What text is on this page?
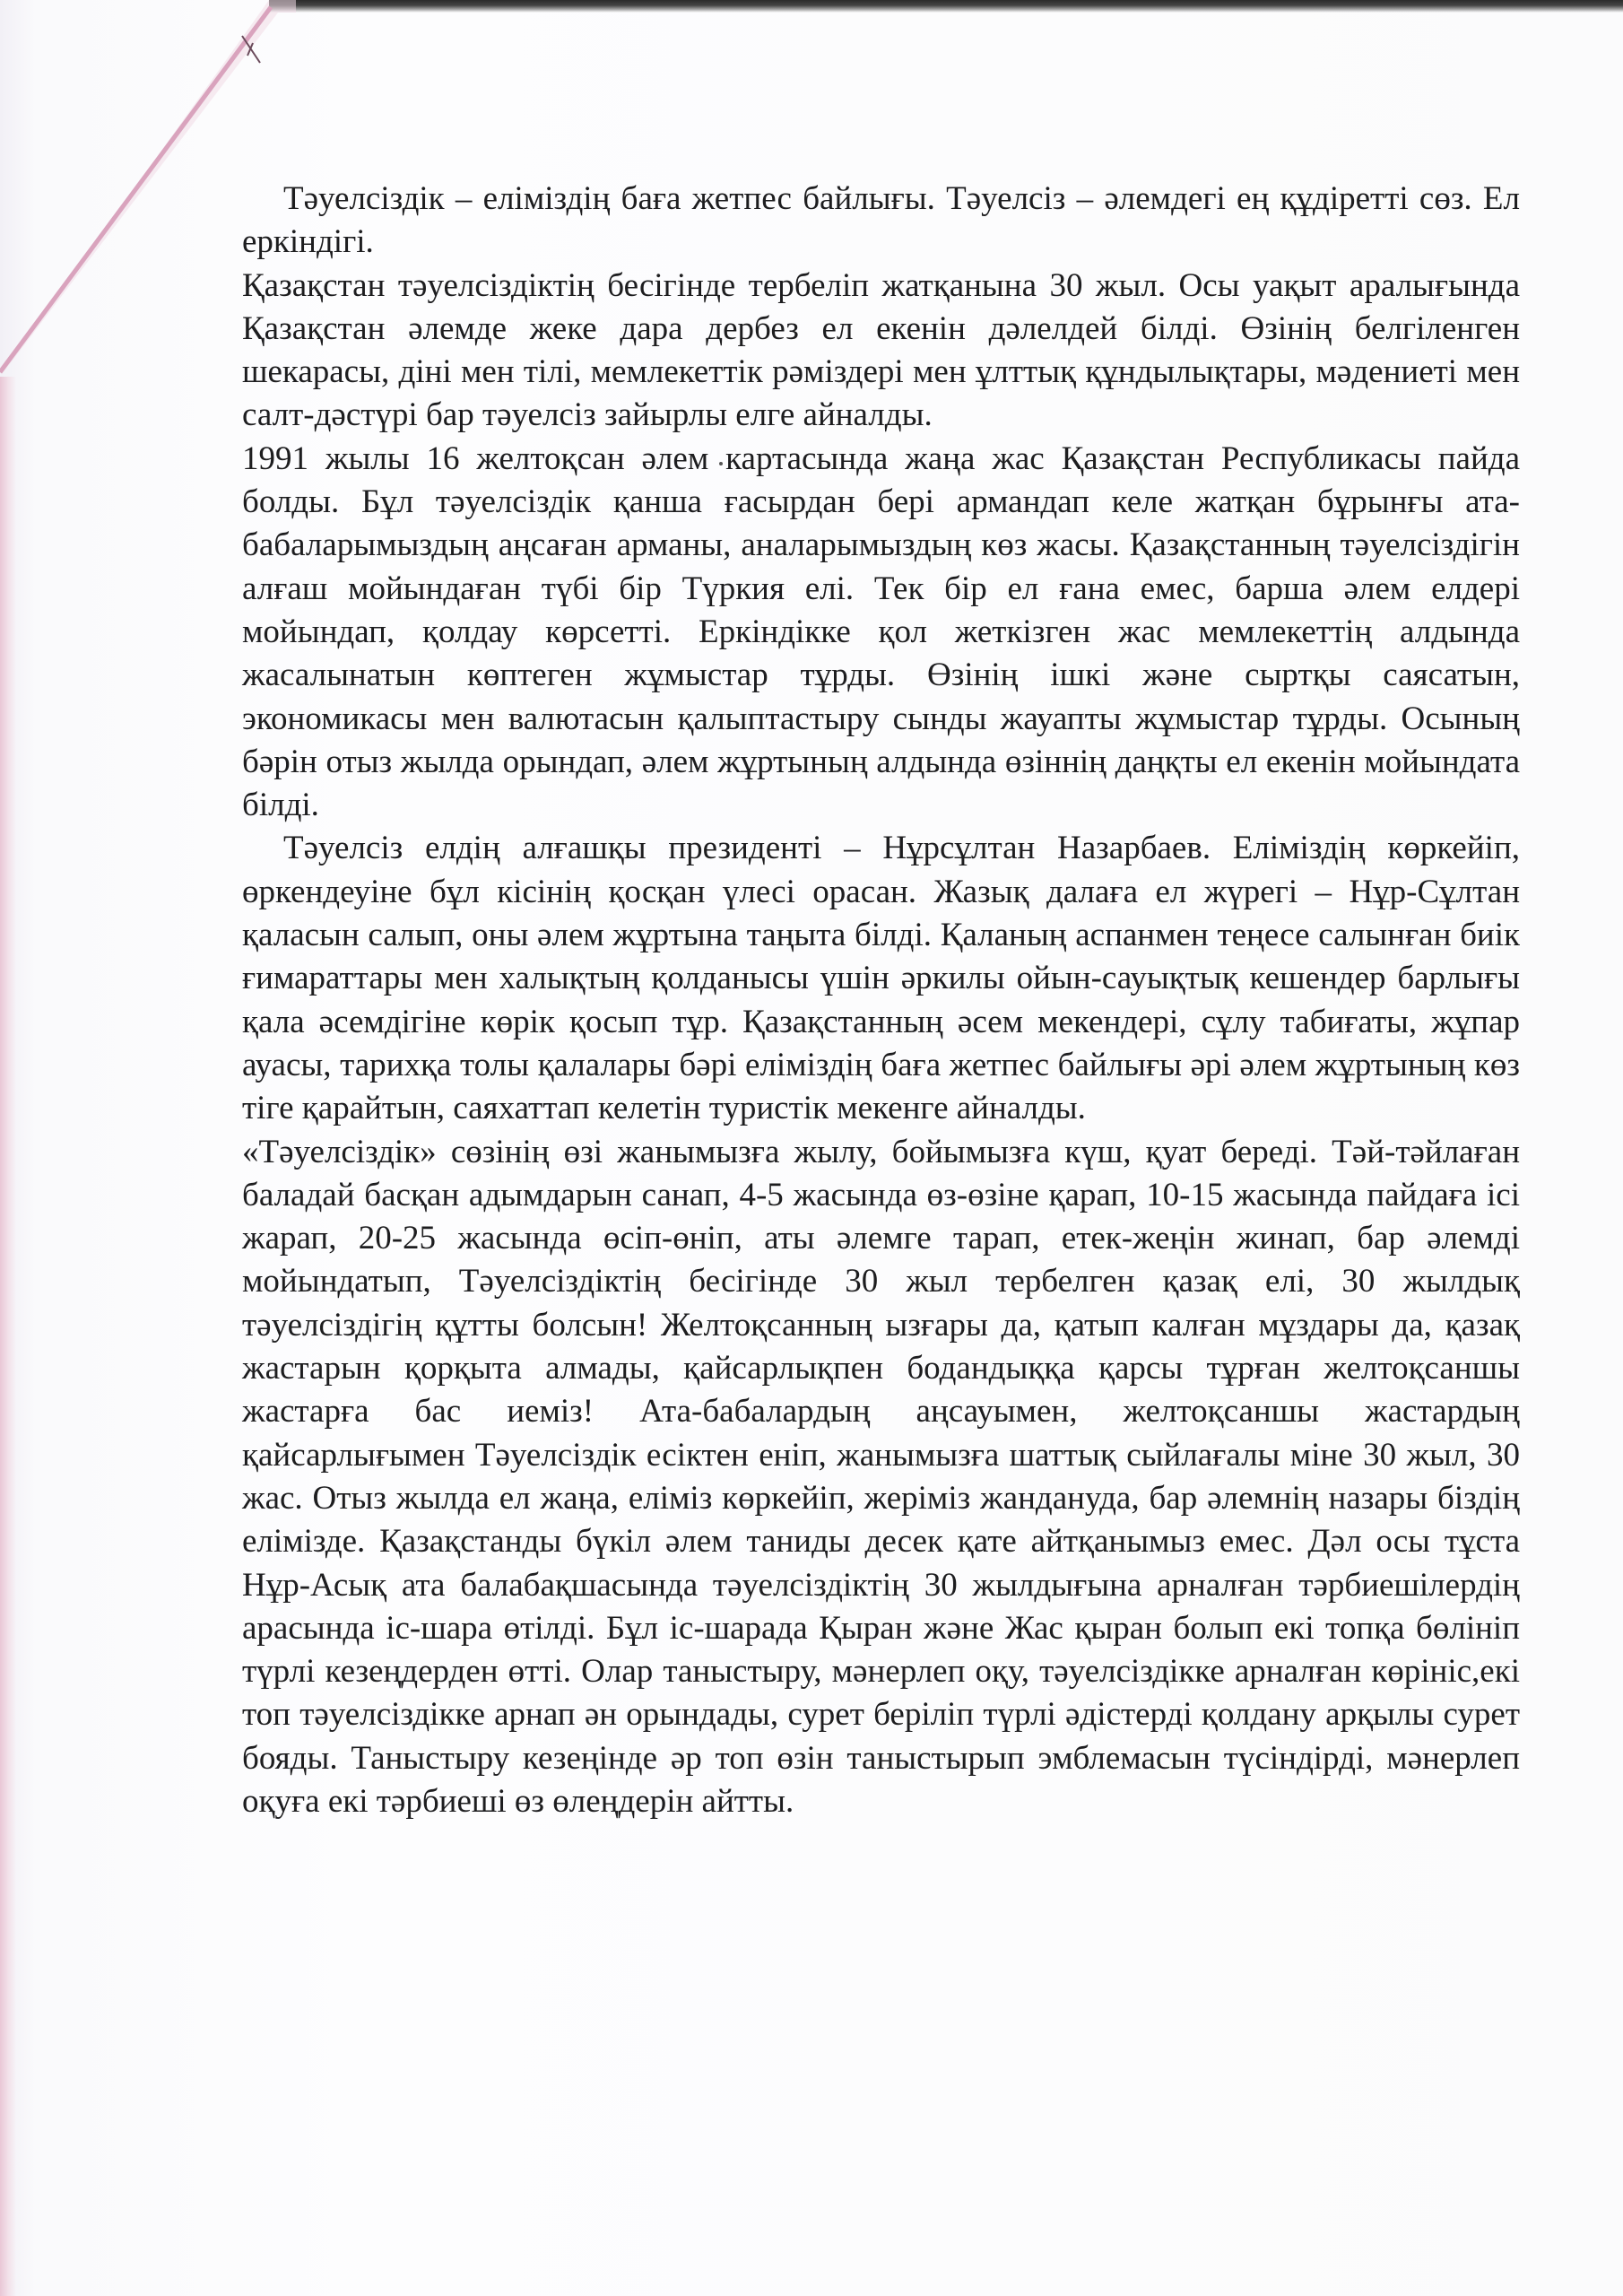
Тәуелсіздік – еліміздің баға жетпес байлығы. Тәуелсіз – әлемдегі ең құдіретті сөз. Ел еркіндігі.

Қазақстан тәуелсіздіктің бесігінде тербеліп жатқанына 30 жыл. Осы уақыт аралығында Қазақстан әлемде жеке дара дербез ел екенін дәлелдей білді. Өзінің белгіленген шекарасы, діні мен тілі, мемлекеттік рәміздері мен ұлттық құндылықтары, мәдениеті мен салт-дәстүрі бар тәуелсіз зайырлы елге айналды.

1991 жылы 16 желтоқсан әлем картасында жаңа жас Қазақстан Республикасы пайда болды. Бұл тәуелсіздік қанша ғасырдан бері армандап келе жатқан бұрынғы ата-бабаларымыздың аңсаған арманы, аналарымыздың көз жасы. Қазақстанның тәуелсіздігін алғаш мойындаған түбі бір Түркия елі. Тек бір ел ғана емес, барша әлем елдері мойындап, қолдау көрсетті. Еркіндікке қол жеткізген жас мемлекеттің алдында жасалынатын көптеген жұмыстар тұрды. Өзінің ішкі және сыртқы саясатын, экономикасы мен валютасын қалыптастыру сынды жауапты жұмыстар тұрды. Осының бәрін отыз жылда орындап, әлем жұртының алдында өзіннің даңқты ел екенін мойындата білді.

Тәуелсіз елдің алғашқы президенті – Нұрсұлтан Назарбаев. Еліміздің көркейіп, өркендеуіне бұл кісінің қосқан үлесі орасан. Жазық далаға ел жүрегі – Нұр-Сұлтан қаласын салып, оны әлем жұртына таңыта білді. Қаланың аспанмен теңесе салынған биік ғимараттары мен халықтың қолданысы үшін әркилы ойын-сауықтық кешендер барлығы қала әсемдігіне көрік қосып тұр. Қазақстанның әсем мекендері, сұлу табиғаты, жұпар ауасы, тарихқа толы қалалары бәрі еліміздің баға жетпес байлығы әрі әлем жұртының көз тіге қарайтын, саяхаттап келетін туристік мекенге айналды.

«Тәуелсіздік» сөзінің өзі жанымызға жылу, бойымызға күш, қуат береді. Тәй-тәйлаған баладай басқан адымдарын санап, 4-5 жасында өз-өзіне қарап, 10-15 жасында пайдаға ісі жарап, 20-25 жасында өсіп-өніп, аты әлемге тарап, етек-жеңін жинап, бар әлемді мойындатып, Тәуелсіздіктің бесігінде 30 жыл тербелген қазақ елі, 30 жылдық тәуелсіздігің құтты болсын! Желтоқсанның ызғары да, қатып калған мұздары да, қазақ жастарын қорқыта алмады, қайсарлықпен бодандыққа қарсы тұрған желтоқсаншы жастарға бас иеміз! Ата-бабалардың аңсауымен, желтоқсаншы жастардың қайсарлығымен Тәуелсіздік есіктен еніп, жанымызға шаттық сыйлағалы міне 30 жыл, 30 жас. Отыз жылда ел жаңа, еліміз көркейіп, жеріміз жандануда, бар әлемнің назары біздің елімізде. Қазақстанды бүкіл әлем таниды десек қате айтқанымыз емес. Дәл осы тұста Нұр-Асық ата балабақшасында тәуелсіздіктің 30 жылдығына арналған тәрбиешілердің арасында іс-шара өтілді. Бұл іс-шарада Қыран және Жас қыран болып екі топқа бөлініп түрлі кезеңдерден өтті. Олар таныстыру, мәнерлеп оқу, тәуелсіздікке арналған көрініс,екі топ тәуелсіздікке арнап ән орындады, сурет беріліп түрлі әдістерді қолдану арқылы сурет бояды. Таныстыру кезеңінде әр топ өзін таныстырып эмблемасын түсіндірді, мәнерлеп оқуға екі тәрбиеші өз өлеңдерін айтты.
